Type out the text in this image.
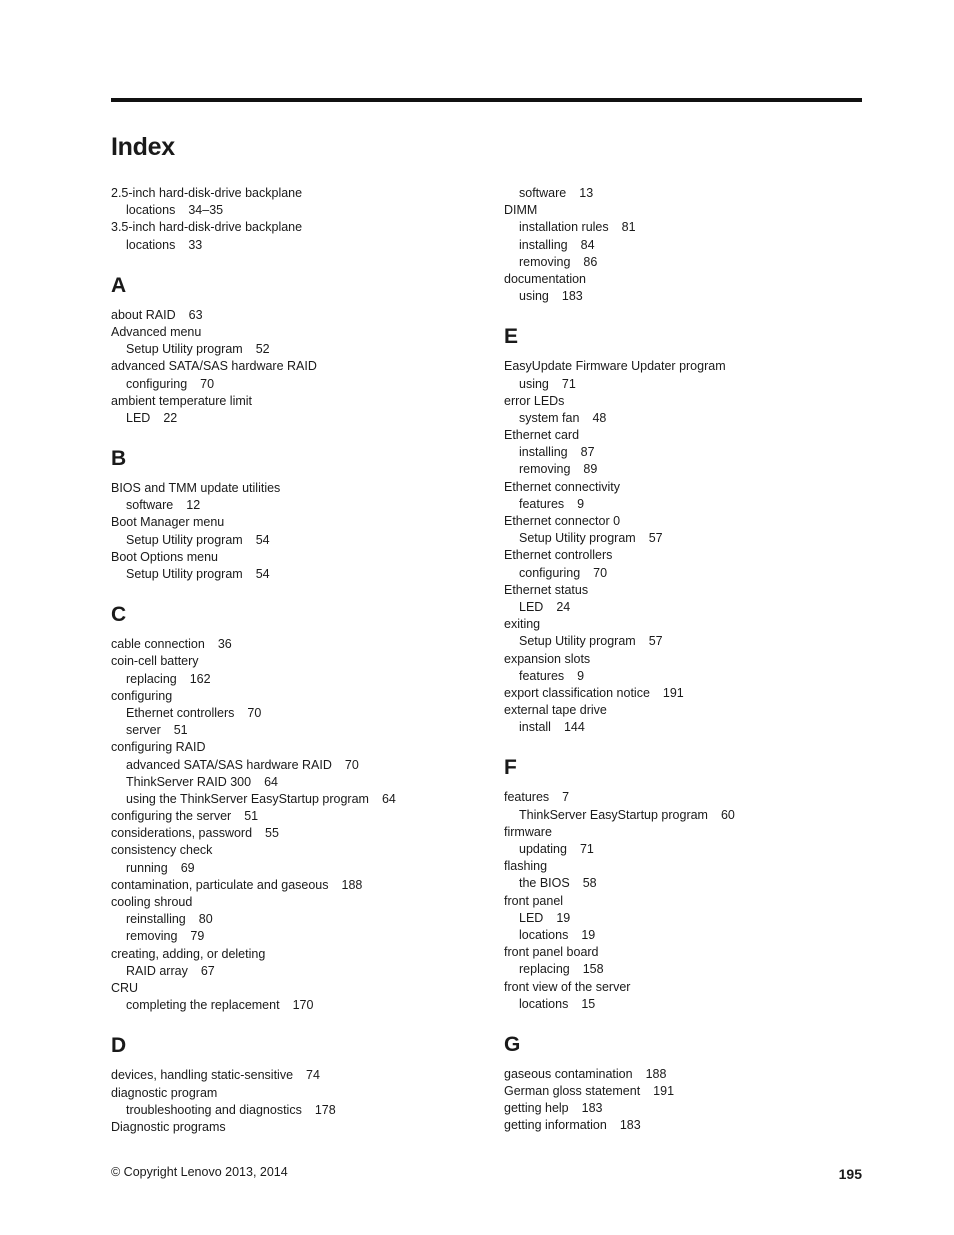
Index
2.5-inch hard-disk-drive backplane
locations 34–35
3.5-inch hard-disk-drive backplane
locations 33
A
about RAID 63
Advanced menu
Setup Utility program 52
advanced SATA/SAS hardware RAID
configuring 70
ambient temperature limit
LED 22
B
BIOS and TMM update utilities
software 12
Boot Manager menu
Setup Utility program 54
Boot Options menu
Setup Utility program 54
C
cable connection 36
coin-cell battery
replacing 162
configuring
Ethernet controllers 70
server 51
configuring RAID
advanced SATA/SAS hardware RAID 70
ThinkServer RAID 300 64
using the ThinkServer EasyStartup program 64
configuring the server 51
considerations, password 55
consistency check
running 69
contamination, particulate and gaseous 188
cooling shroud
reinstalling 80
removing 79
creating, adding, or deleting
RAID array 67
CRU
completing the replacement 170
D
devices, handling static-sensitive 74
diagnostic program
troubleshooting and diagnostics 178
Diagnostic programs
software 13
DIMM
installation rules 81
installing 84
removing 86
documentation
using 183
E
EasyUpdate Firmware Updater program
using 71
error LEDs
system fan 48
Ethernet card
installing 87
removing 89
Ethernet connectivity
features 9
Ethernet connector 0
Setup Utility program 57
Ethernet controllers
configuring 70
Ethernet status
LED 24
exiting
Setup Utility program 57
expansion slots
features 9
export classification notice 191
external tape drive
install 144
F
features 7
ThinkServer EasyStartup program 60
firmware
updating 71
flashing
the BIOS 58
front panel
LED 19
locations 19
front panel board
replacing 158
front view of the server
locations 15
G
gaseous contamination 188
German gloss statement 191
getting help 183
getting information 183
© Copyright Lenovo 2013, 2014	195
